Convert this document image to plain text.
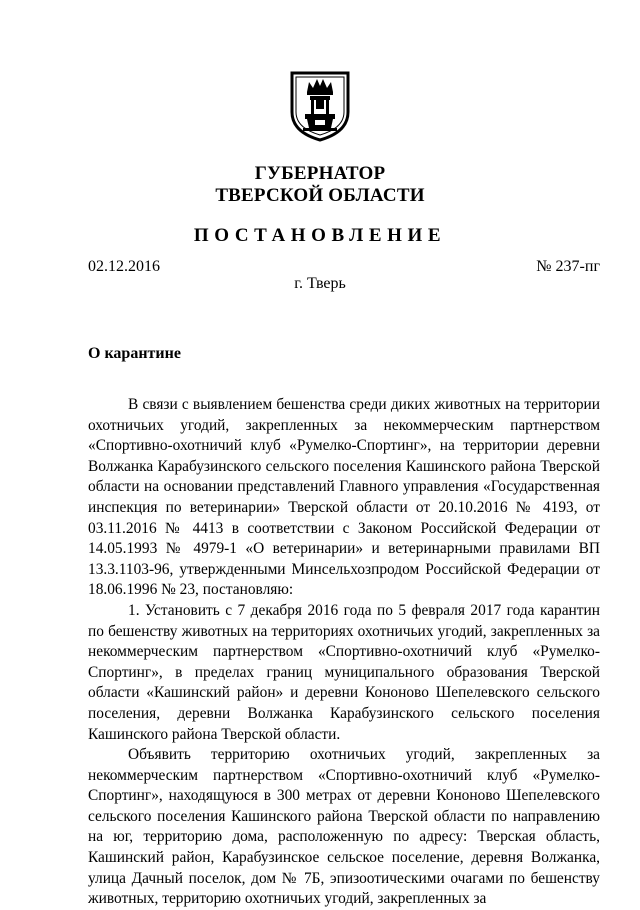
ГУБЕРНАТОР
ТВЕРСКОЙ ОБЛАСТИ
ПОСТАНОВЛЕНИЕ
02.12.2016	№ 237-пг
г. Тверь
О карантине

В связи с выявлением бешенства среди диких животных на территории охотничьих угодий, закрепленных за некоммерческим партнерством «Спортивно-охотничий клуб «Румелко-Спортинг», на территории деревни Волжанка Карабузинского сельского поселения Кашинского района Тверской области на основании представлений Главного управления «Государственная инспекция по ветеринарии» Тверской области от 20.10.2016 № 4193, от 03.11.2016 № 4413 в соответствии с Законом Российской Федерации от 14.05.1993 № 4979-1 «О ветеринарии» и ветеринарными правилами ВП 13.3.1103-96, утвержденными Минсельхозпродом Российской Федерации от 18.06.1996 № 23, постановляю:

1. Установить с 7 декабря 2016 года по 5 февраля 2017 года карантин по бешенству животных на территориях охотничьих угодий, закрепленных за некоммерческим партнерством «Спортивно-охотничий клуб «Румелко-Спортинг», в пределах границ муниципального образования Тверской области «Кашинский район» и деревни Кононово Шепелевского сельского поселения, деревни Волжанка Карабузинского сельского поселения Кашинского района Тверской области.

Объявить территорию охотничьих угодий, закрепленных за некоммерческим партнерством «Спортивно-охотничий клуб «Румелко-Спортинг», находящуюся в 300 метрах от деревни Кононово Шепелевского сельского поселения Кашинского района Тверской области по направлению на юг, территорию дома, расположенную по адресу: Тверская область, Кашинский район, Карабузинское сельское поселение, деревня Волжанка, улица Дачный поселок, дом № 7Б, эпизоотическими очагами по бешенству животных, территорию охотничьих угодий, закрепленных за
